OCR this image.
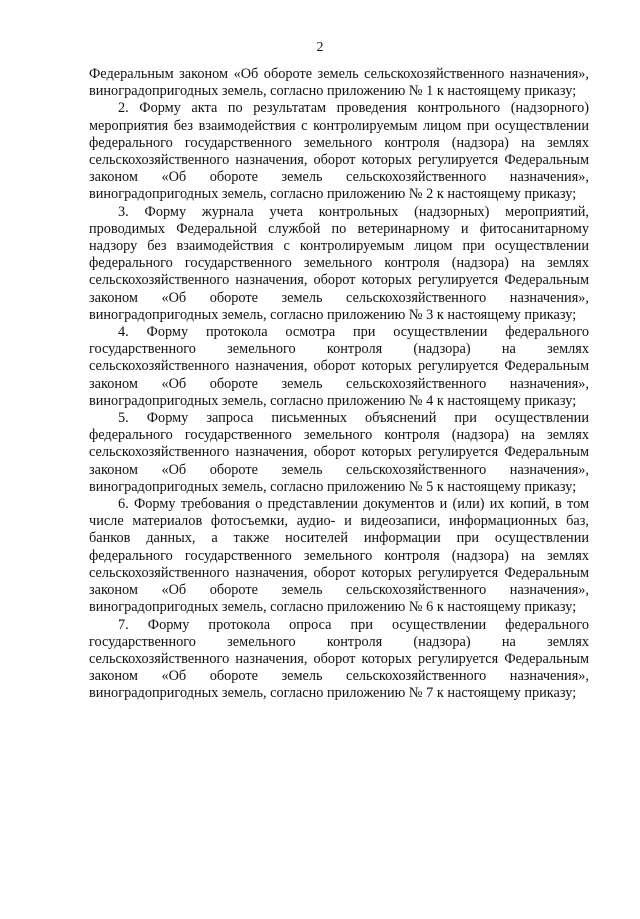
2

Федеральным законом «Об обороте земель сельскохозяйственного назначения», виноградопригодных земель, согласно приложению № 1 к настоящему приказу;

2. Форму акта по результатам проведения контрольного (надзорного) мероприятия без взаимодействия с контролируемым лицом при осуществлении федерального государственного земельного контроля (надзора) на землях сельскохозяйственного назначения, оборот которых регулируется Федеральным законом «Об обороте земель сельскохозяйственного назначения», виноградопригодных земель, согласно приложению № 2 к настоящему приказу;

3. Форму журнала учета контрольных (надзорных) мероприятий, проводимых Федеральной службой по ветеринарному и фитосанитарному надзору без взаимодействия с контролируемым лицом при осуществлении федерального государственного земельного контроля (надзора) на землях сельскохозяйственного назначения, оборот которых регулируется Федеральным законом «Об обороте земель сельскохозяйственного назначения», виноградопригодных земель, согласно приложению № 3 к настоящему приказу;

4. Форму протокола осмотра при осуществлении федерального государственного земельного контроля (надзора) на землях сельскохозяйственного назначения, оборот которых регулируется Федеральным законом «Об обороте земель сельскохозяйственного назначения», виноградопригодных земель, согласно приложению № 4 к настоящему приказу;

5. Форму запроса письменных объяснений при осуществлении федерального государственного земельного контроля (надзора) на землях сельскохозяйственного назначения, оборот которых регулируется Федеральным законом «Об обороте земель сельскохозяйственного назначения», виноградопригодных земель, согласно приложению № 5 к настоящему приказу;

6. Форму требования о представлении документов и (или) их копий, в том числе материалов фотосъемки, аудио- и видеозаписи, информационных баз, банков данных, а также носителей информации при осуществлении федерального государственного земельного контроля (надзора) на землях сельскохозяйственного назначения, оборот которых регулируется Федеральным законом «Об обороте земель сельскохозяйственного назначения», виноградопригодных земель, согласно приложению № 6 к настоящему приказу;

7. Форму протокола опроса при осуществлении федерального государственного земельного контроля (надзора) на землях сельскохозяйственного назначения, оборот которых регулируется Федеральным законом «Об обороте земель сельскохозяйственного назначения», виноградопригодных земель, согласно приложению № 7 к настоящему приказу;
